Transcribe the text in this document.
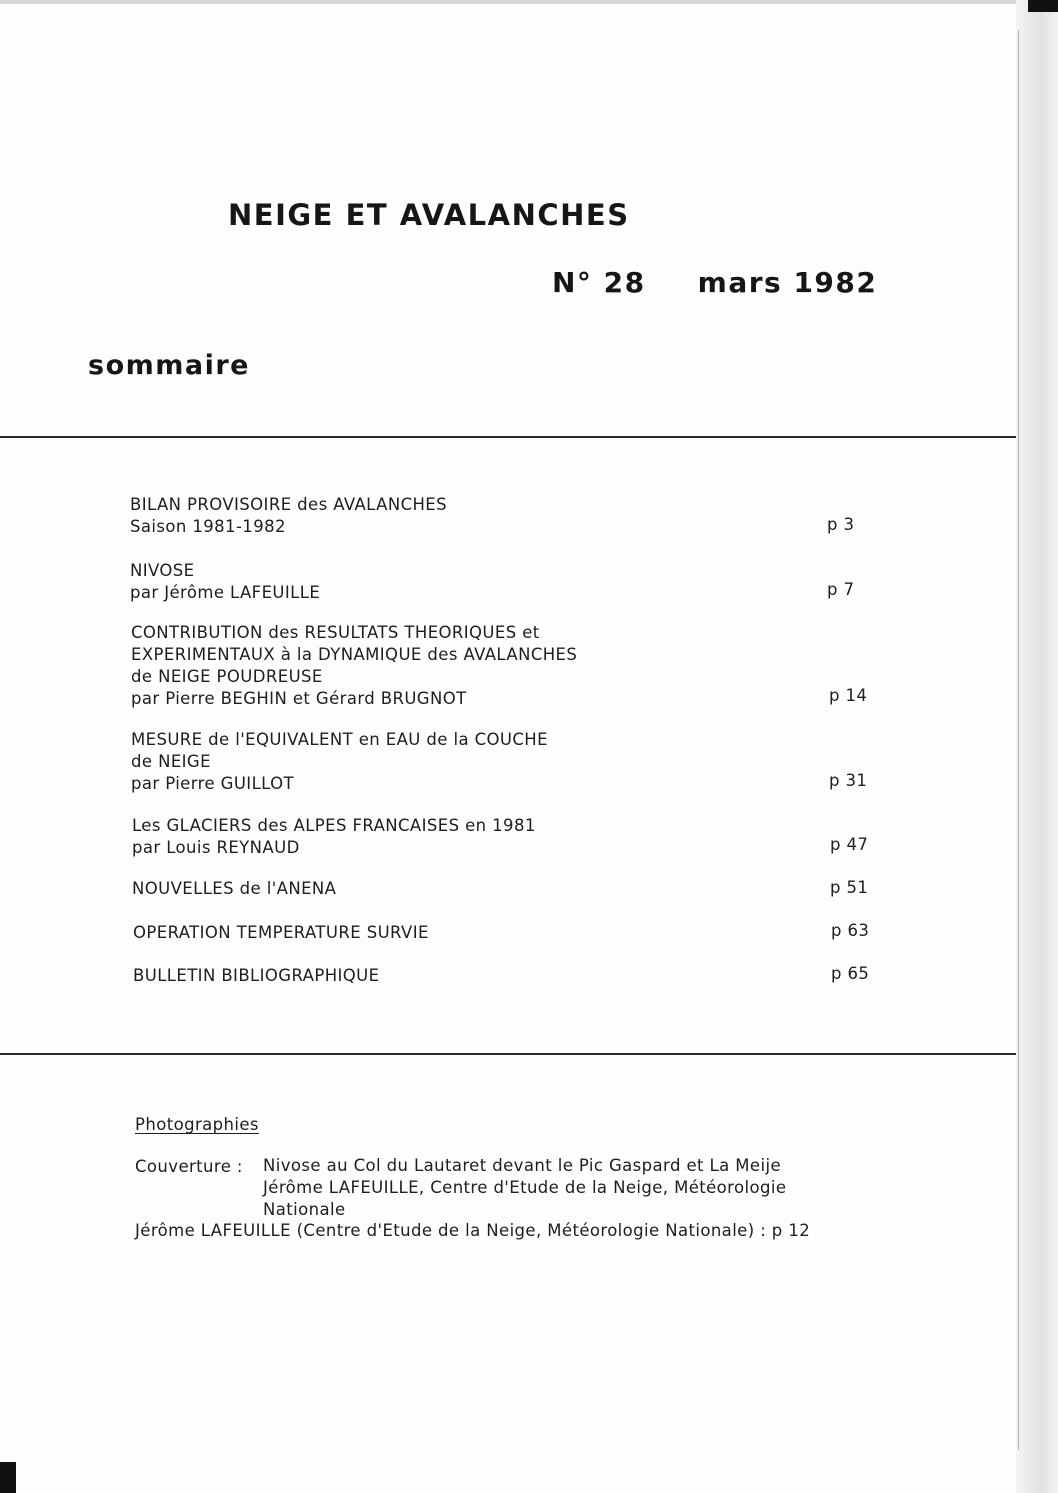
NEIGE ET AVALANCHES
N° 28 mars 1982
sommaire
BILAN PROVISOIRE des AVALANCHES
Saison 1981-1982	p 3
NIVOSE
par Jérôme LAFEUILLE	p 7
CONTRIBUTION des RESULTATS THEORIQUES et
EXPERIMENTAUX à la DYNAMIQUE des AVALANCHES
de NEIGE POUDREUSE
par Pierre BEGHIN et Gérard BRUGNOT	p 14
MESURE de l'EQUIVALENT en EAU de la COUCHE
de NEIGE
par Pierre GUILLOT	p 31
Les GLACIERS des ALPES FRANCAISES en 1981
par Louis REYNAUD	p 47
NOUVELLES de l'ANENA	p 51
OPERATION TEMPERATURE SURVIE	p 63
BULLETIN BIBLIOGRAPHIQUE	p 65
Photographies
Couverture : Nivose au Col du Lautaret devant le Pic Gaspard et La Meije
Jérôme LAFEUILLE, Centre d'Etude de la Neige, Météorologie
Nationale
Jérôme LAFEUILLE (Centre d'Etude de la Neige, Météorologie Nationale) : p 12
